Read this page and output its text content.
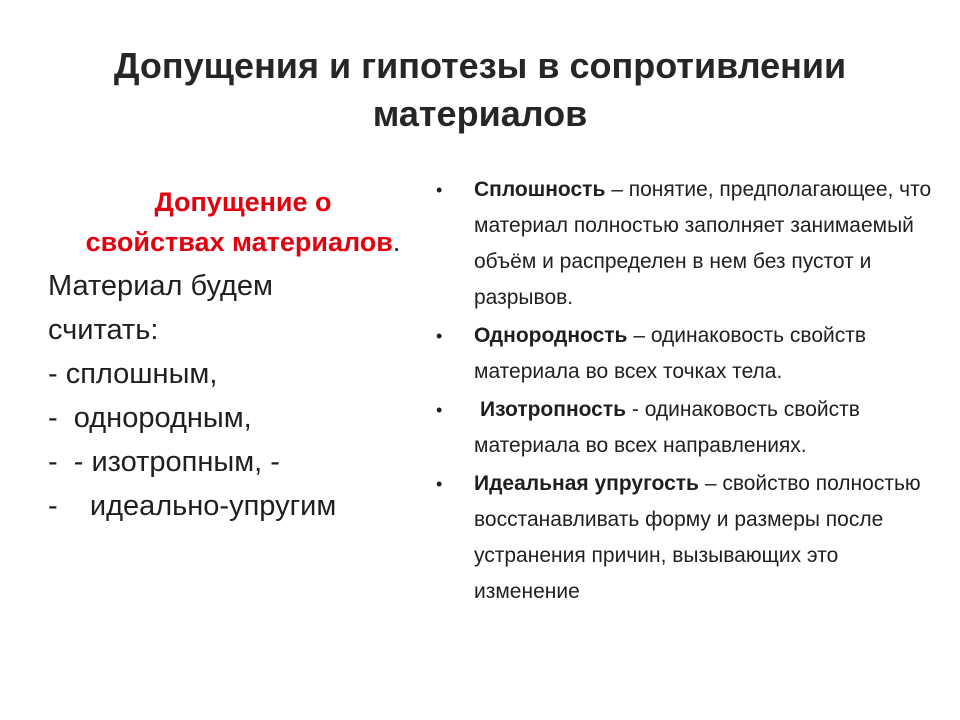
Допущения и гипотезы в сопротивлении
материалов
Допущение о
свойствах материалов.

Материал будем

считать:

- сплошным,

-  однородным,

-  - изотропным, -

-    идеально-упругим

• Сплошность – понятие, предполагающее, что материал полностью заполняет занимаемый объём и распределен в нем без пустот и разрывов.
• Однородность – одинаковость свойств материала во всех точках тела.
• Изотропность - одинаковость свойств материала во всех направлениях.
• Идеальная упругость – свойство полностью восстанавливать форму и размеры после устранения причин, вызывающих это изменение
